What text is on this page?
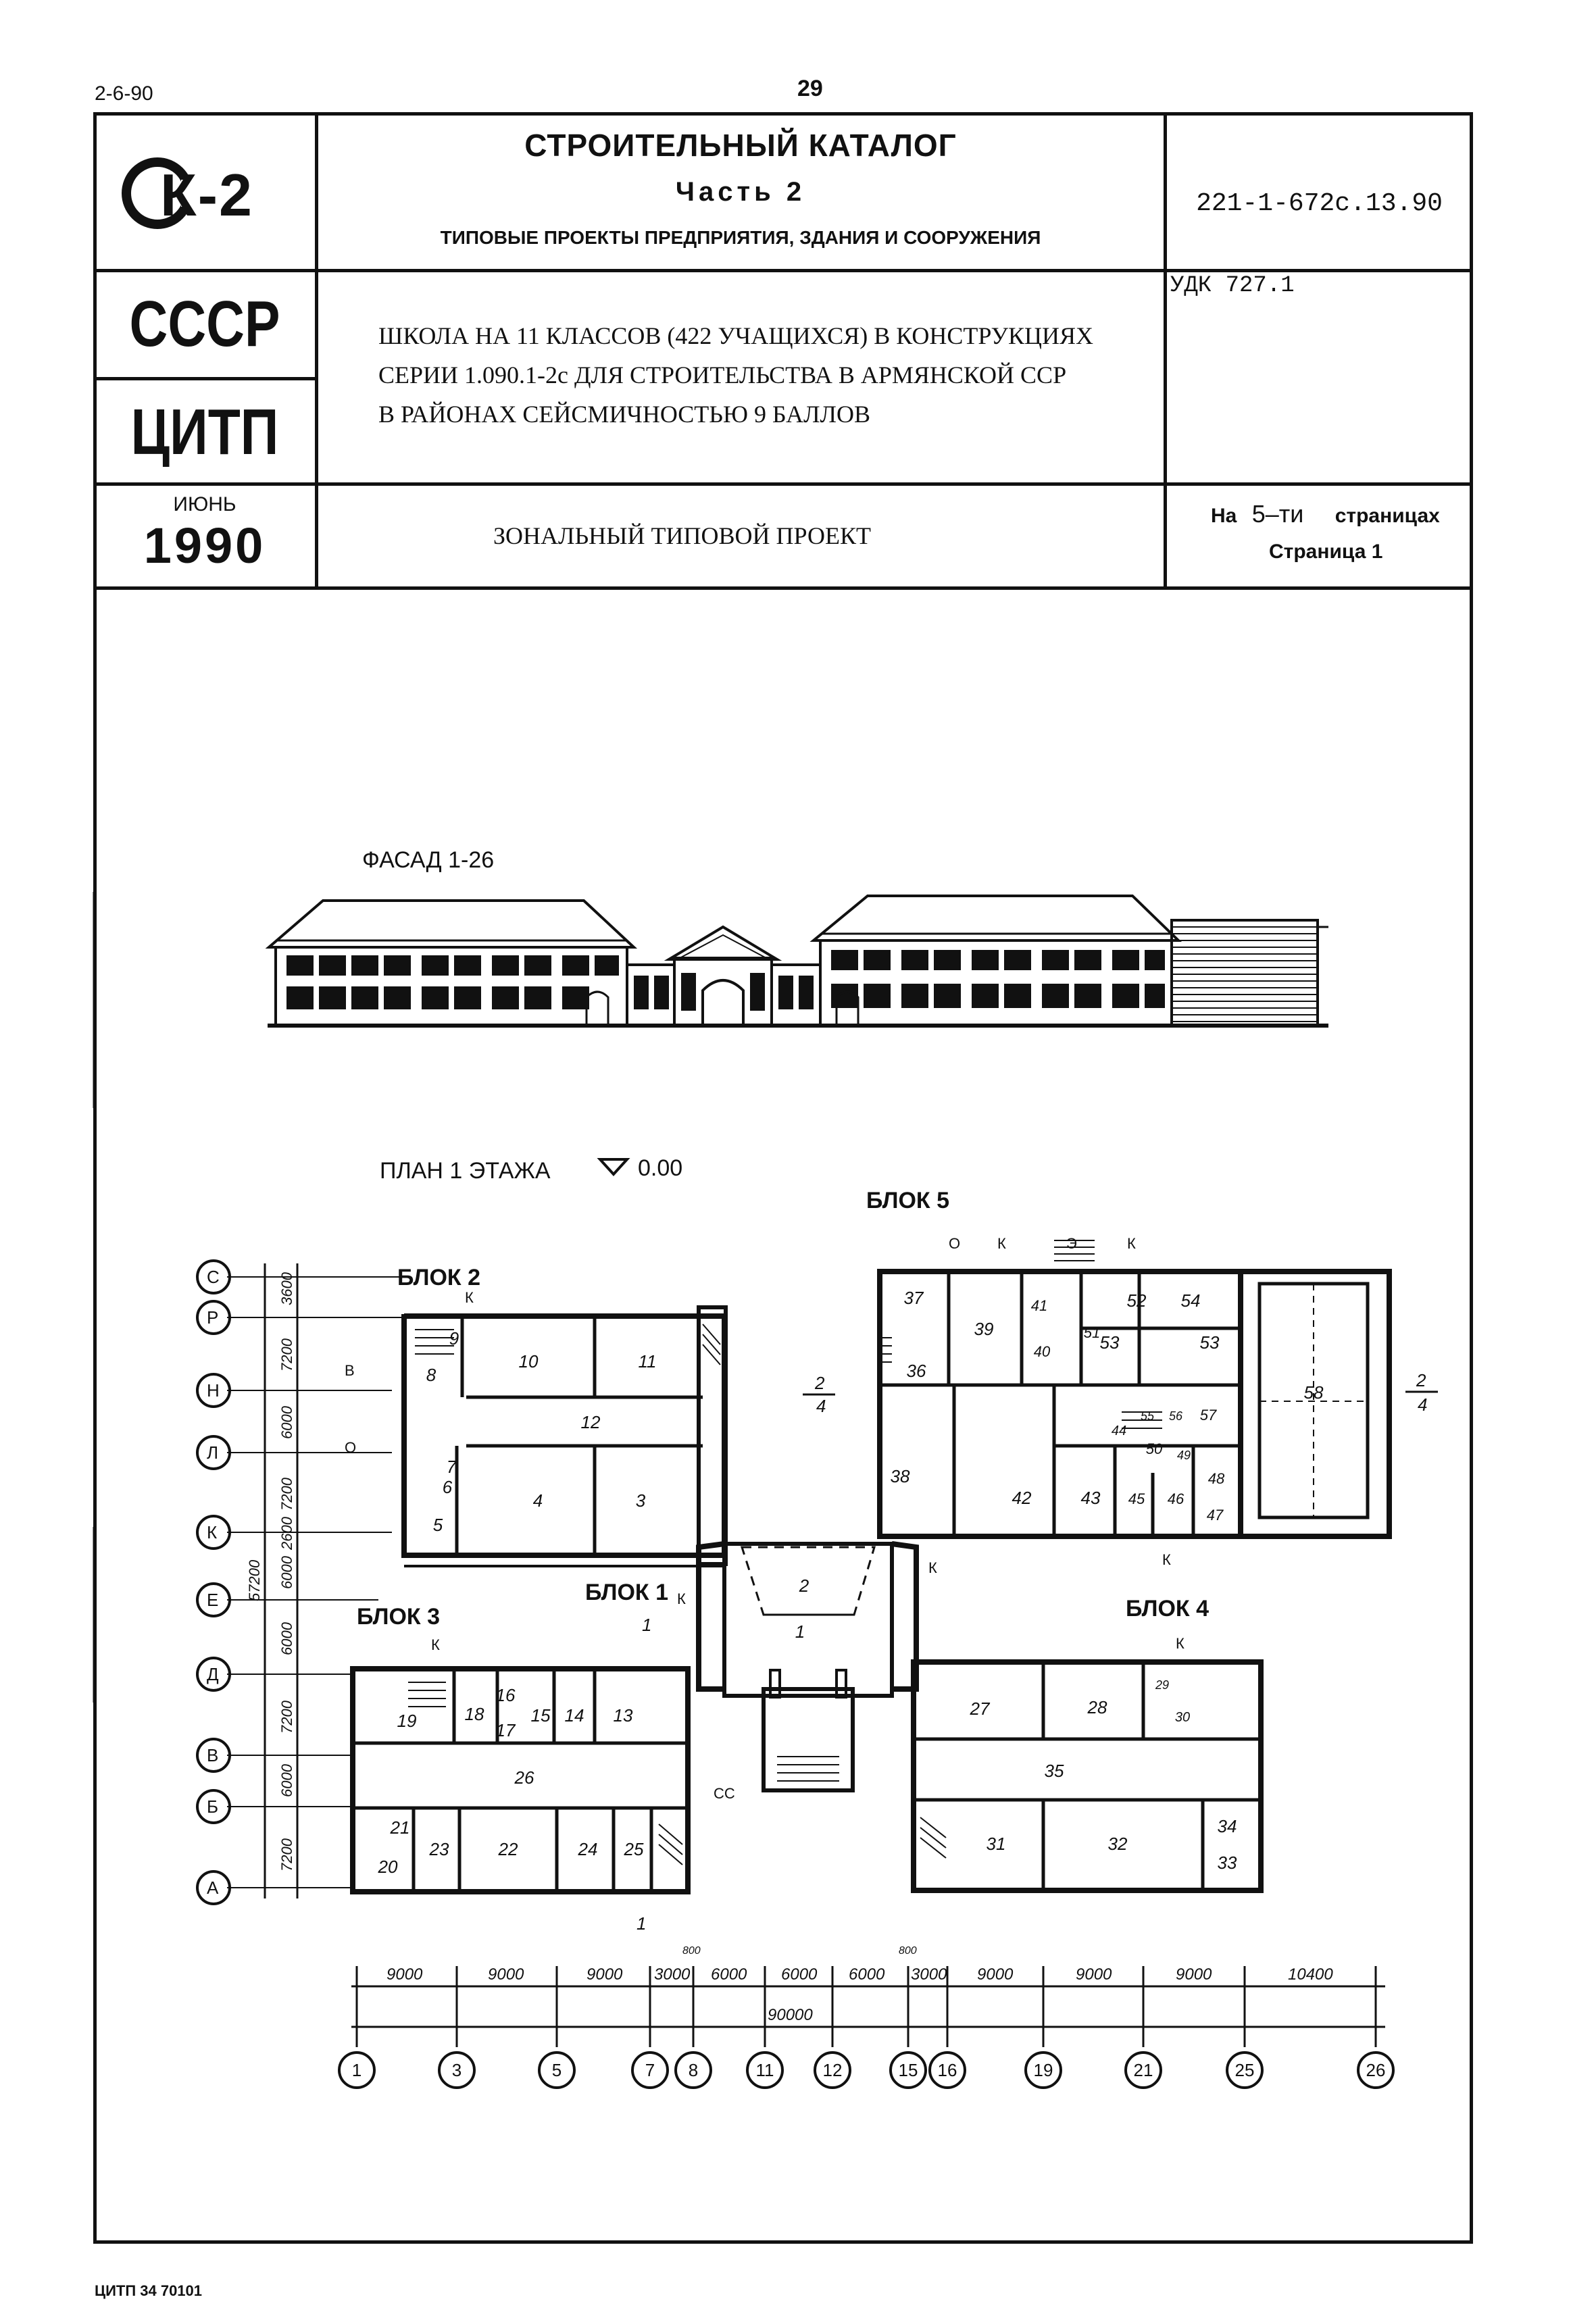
2-6-90	29
К-2
СССР
ЦИТП
ИЮНЬ
1990
СТРОИТЕЛЬНЫЙ КАТАЛОГ
Часть 2
ТИПОВЫЕ ПРОЕКТЫ ПРЕДПРИЯТИЯ, ЗДАНИЯ И СООРУЖЕНИЯ
221-1-672с.13.90
УДК 727.1
ШКОЛА НА 11 КЛАССОВ (422 УЧАЩИХСЯ) В КОНСТРУКЦИЯХ
СЕРИИ 1.090.1-2с ДЛЯ СТРОИТЕЛЬСТВА В АРМЯНСКОЙ ССР
В РАЙОНАХ СЕЙСМИЧНОСТЬЮ 9 БАЛЛОВ
ЗОНАЛЬНЫЙ ТИПОВОЙ ПРОЕКТ
На 5–ти страницах
Страница 1
С
Р
Н
Л
К
Е
Д
В
Б
А
3600
7200
6000
7200
2600
6000
6000
7200
6000
7200
57200
9000	9000	9000 3000 6000 6000 6000 3000 9000	9000	9000	10400
90000
800	800
1	3	5	7 8	11	12	15 16	19	21	25	26
ФАСАД 1-26
ПЛАН 1 ЭТАЖА	0.00
БЛОК 5
БЛОК 2
БЛОК 1
БЛОК 3	БЛОК 4
2
4
2
4
1
1
К
К
К	К
К	К
К
К
О
О	Э
В
СС
1
2
3
4
5
6
7
8
9
10	11
12
13
14
15
16
17
18
19
20
21
22
23	24 25
26
27	28
29
30
31	32
33
34
35
36
37
38
39
40
41
42	43
44
45 46
47
48
49
50
51
52
53	53
54
55 56 57
58
ЦИТП 34 70101
